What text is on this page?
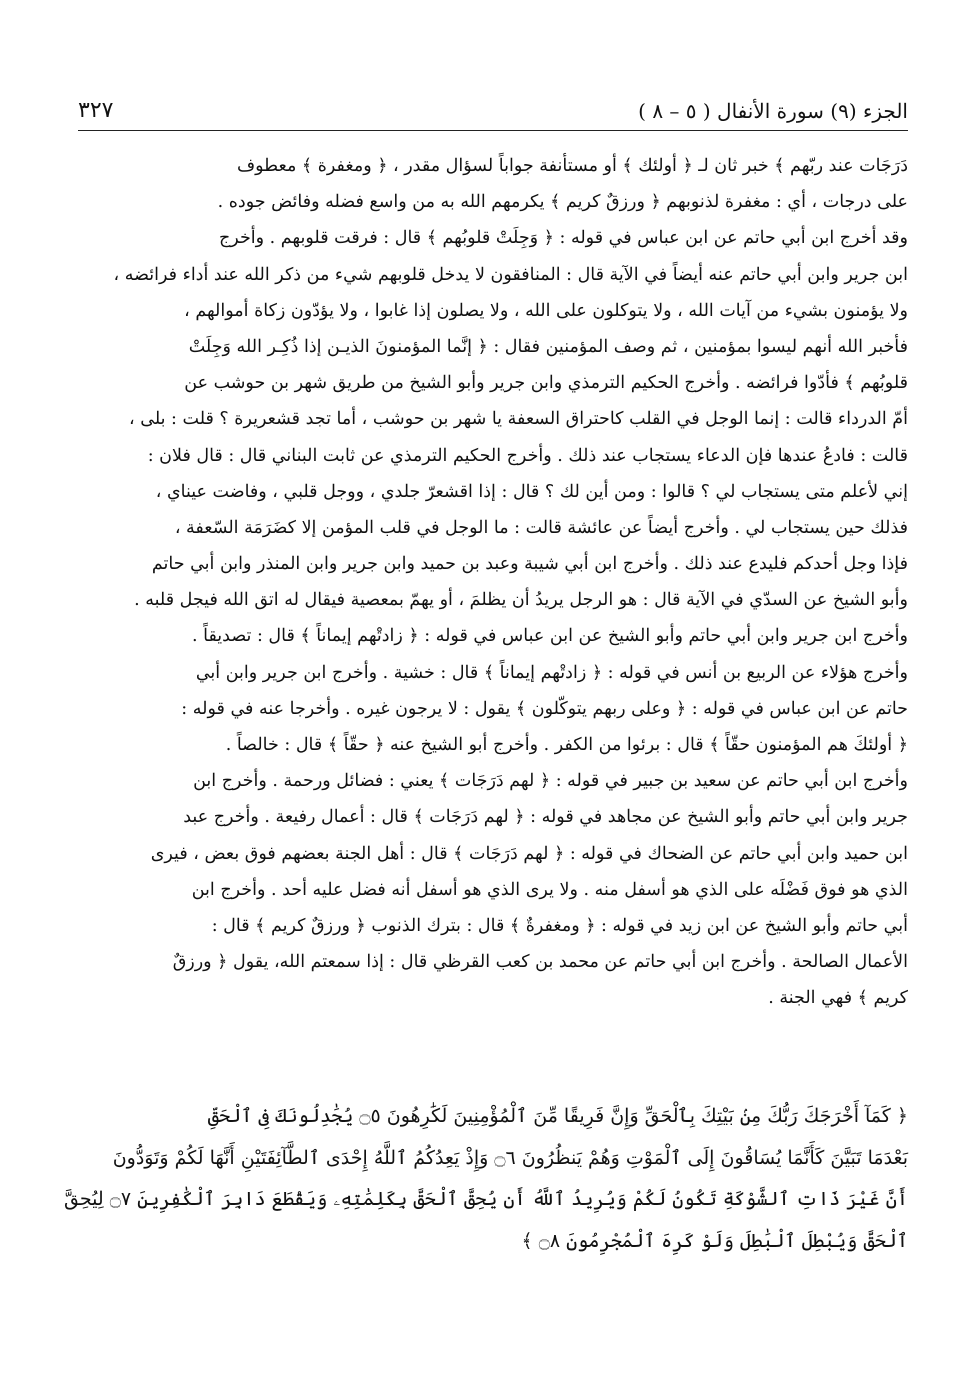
الجزء (٩) سورة الأنفال ( ٥ – ٨ )
٣٢٧
دَرَجَات عند ربّهم ﴾ خبر ثان لـ ﴿ أولئك ﴾ أو مستأنفة جواباً لسؤال مقدر ، ﴿ ومغفرة ﴾ معطوف
على درجات ، أي : مغفرة لذنوبهم ﴿ ورزقٌ كريم ﴾ يكرمهم الله به من واسع فضله وفائض جوده .
وقد أخرج ابن أبي حاتم عن ابن عباس في قوله : ﴿ وَجِلَتْ قلوبُهم ﴾ قال : فرقت قلوبهم . وأخرج
ابن جرير وابن أبي حاتم عنه أيضاً في الآية قال : المنافقون لا يدخل قلوبهم شيء من ذكر الله عند أداء فرائضه ،
ولا يؤمنون بشيء من آيات الله ، ولا يتوكلون على الله ، ولا يصلون إذا غابوا ، ولا يؤدّون زكاة أموالهم ،
فأخبر الله أنهم ليسوا بمؤمنين ، ثم وصف المؤمنين فقال : ﴿ إنَّما المؤمنونَ الذيـن إذا ذُكِـر الله وَجِلَتْ
قلوبُهم ﴾ فأدّوا فرائضه . وأخرج الحكيم الترمذي وابن جرير وأبو الشيخ من طريق شهر بن حوشب عن
أمّ الدرداء قالت : إنما الوجل في القلب كاحتراق السعفة يا شهر بن حوشب ، أما تجد قشعريرة ؟ قلت : بلى ،
قالت : فادعُ عندها فإن الدعاء يستجاب عند ذلك . وأخرج الحكيم الترمذي عن ثابت البناني قال : قال فلان :
إني لأعلم متى يستجاب لي ؟ قالوا : ومن أين لك ؟ قال : إذا اقشعرّ جلدي ، ووجل قلبي ، وفاضت عيناي ،
فذلك حين يستجاب لي . وأخرج أيضاً عن عائشة قالت : ما الوجل في قلب المؤمن إلا كضَرَمَة السّعفة ،
فإذا وجل أحدكم فليدع عند ذلك . وأخرج ابن أبي شيبة وعبد بن حميد وابن جرير وابن المنذر وابن أبي حاتم
وأبو الشيخ عن السدّي في الآية قال : هو الرجل يريدُ أن يظلمَ ، أو يهمّ بمعصية فيقال له اتق الله فيجل قلبه .
وأخرج ابن جرير وابن أبي حاتم وأبو الشيخ عن ابن عباس في قوله : ﴿ زادتْهم إيماناً ﴾ قال : تصديقاً .
وأخرج هؤلاء عن الربيع بن أنس في قوله : ﴿ زادتْهم إيماناً ﴾ قال : خشية . وأخرج ابن جرير وابن أبي
حاتم عن ابن عباس في قوله : ﴿ وعلى ربهم يتوكّلون ﴾ يقول : لا يرجون غيره . وأخرجا عنه في قوله :
﴿ أولئكَ هم المؤمنون حقّاً ﴾ قال : برئوا من الكفر . وأخرج أبو الشيخ عنه ﴿ حقّاً ﴾ قال : خالصاً .
وأخرج ابن أبي حاتم عن سعيد بن جبير في قوله : ﴿ لهم دَرَجَات ﴾ يعني : فضائل ورحمة . وأخرج ابن
جرير وابن أبي حاتم وأبو الشيخ عن مجاهد في قوله : ﴿ لهم دَرَجَات ﴾ قال : أعمال رفيعة . وأخرج عبد
ابن حميد وابن أبي حاتم عن الضحاك في قوله : ﴿ لهم دَرَجَات ﴾ قال : أهل الجنة بعضهم فوق بعض ، فيرى
الذي هو فوق فَضْلَه على الذي هو أسفل منه . ولا يرى الذي هو أسفل أنه فضل عليه أحد . وأخرج ابن
أبي حاتم وأبو الشيخ عن ابن زيد في قوله : ﴿ ومغفرةٌ ﴾ قال : بترك الذنوب ﴿ ورزقٌ كريم ﴾ قال :
الأعمال الصالحة . وأخرج ابن أبي حاتم عن محمد بن كعب القرظي قال : إذا سمعتم الله، يقول ﴿ ورزقٌ
كريم ﴾ فهي الجنة .
﴿ كَمَآ أَخْرَجَكَ رَبُّكَ مِنۢ بَيْتِكَ بِٱلْحَقِّ وَإِنَّ فَرِيقًا مِّنَ ٱلْمُؤْمِنِينَ لَكَٰرِهُونَ ۝٥ يُجَٰدِلُونَكَ فِى ٱلْحَقِّ
بَعْدَمَا تَبَيَّنَ كَأَنَّمَا يُسَاقُونَ إِلَى ٱلْمَوْتِ وَهُمْ يَنظُرُونَ ۝٦ وَإِذْ يَعِدُكُمُ ٱللَّهُ إِحْدَى ٱلطَّآئِفَتَيْنِ أَنَّهَا لَكُمْ وَتَوَدُّونَ
أَنَّ غَيْرَ ذَاتِ ٱلشَّوْكَةِ تَكُونُ لَكُمْ وَيُرِيدُ ٱللَّهُ أَن يُحِقَّ ٱلْحَقَّ بِكَلِمَٰتِهِۦ وَيَقْطَعَ دَابِرَ ٱلْكَٰفِرِينَ ۝٧ لِيُحِقَّ
ٱلْحَقَّ وَيُبْطِلَ ٱلْبَٰطِلَ وَلَوْ كَرِهَ ٱلْمُجْرِمُونَ ۝٨ ﴾
